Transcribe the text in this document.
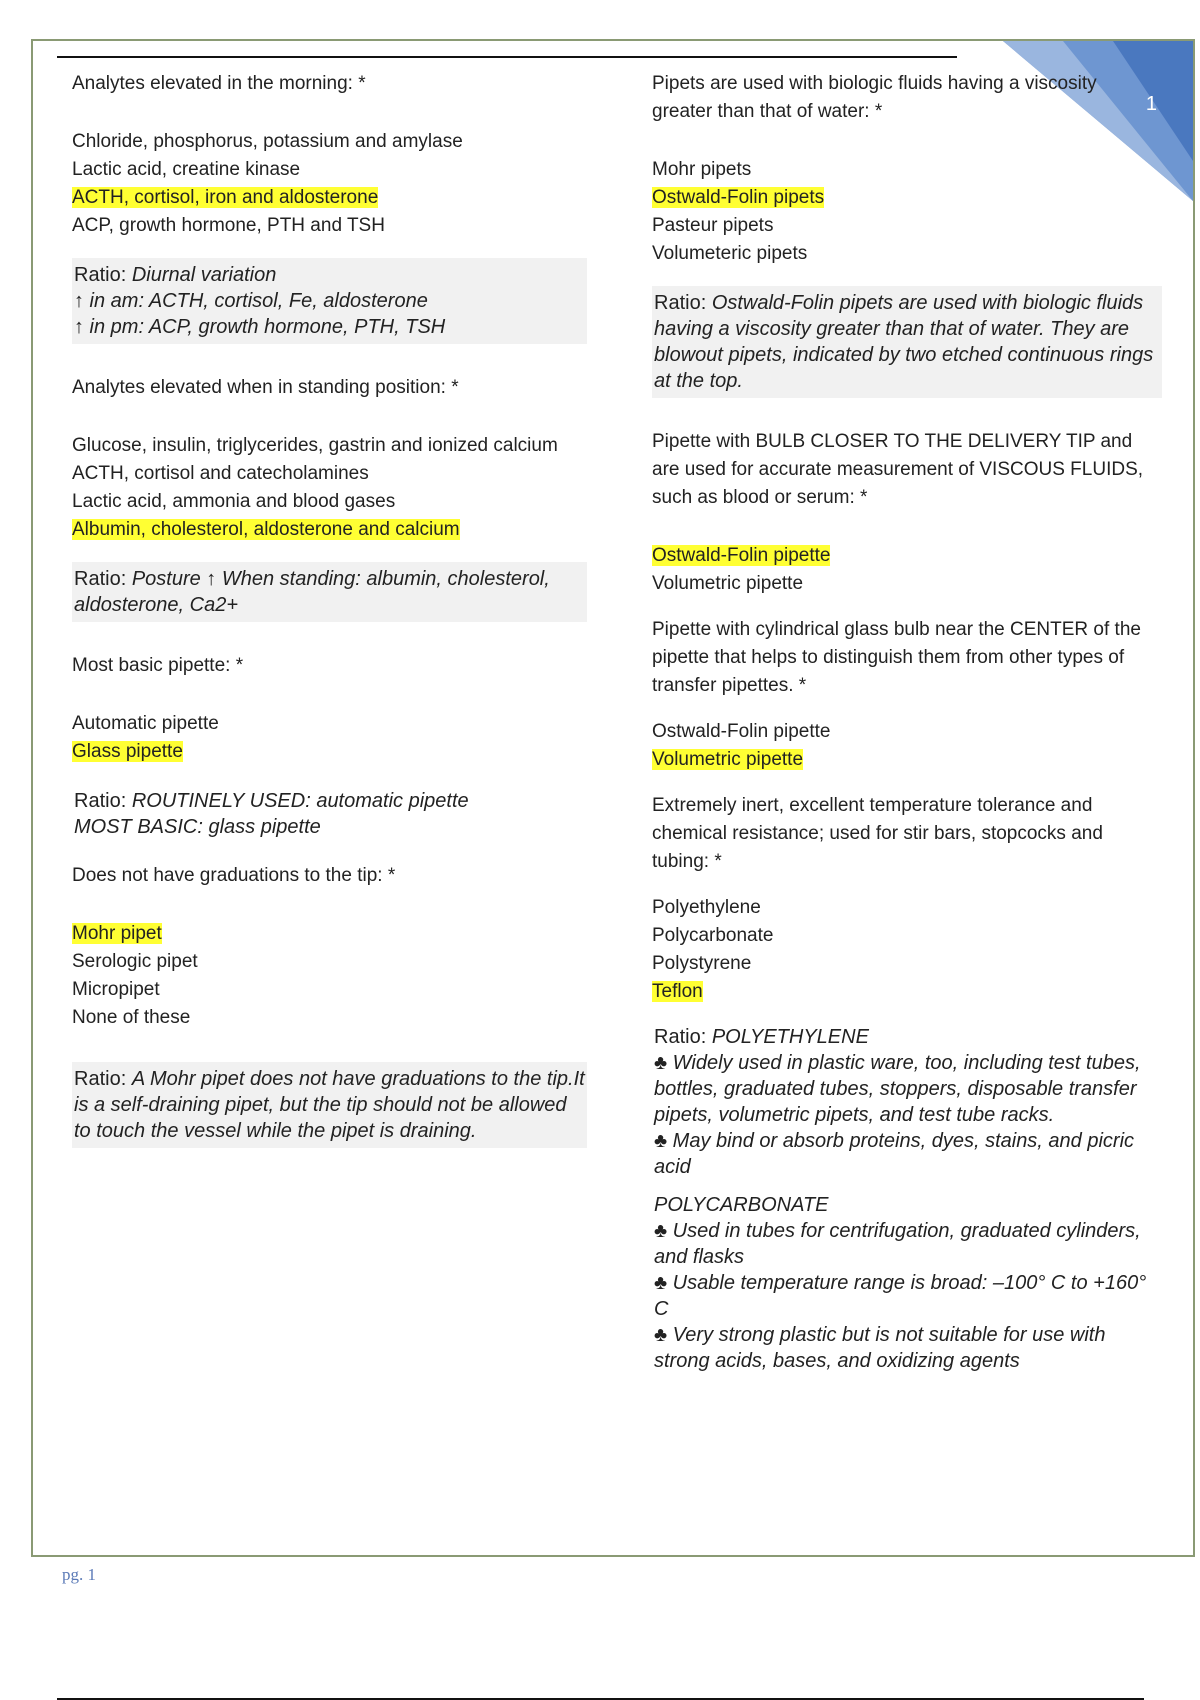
1

Analytes elevated in the morning: *

Chloride, phosphorus, potassium and amylase

Lactic acid, creatine kinase

ACTH, cortisol, iron and aldosterone

ACP, growth hormone, PTH and TSH

Ratio: Diurnal variation
↑ in am: ACTH, cortisol, Fe, aldosterone
↑ in pm: ACP, growth hormone, PTH, TSH

Analytes elevated when in standing position: *

Glucose, insulin, triglycerides, gastrin and ionized calcium

ACTH, cortisol and catecholamines

Lactic acid, ammonia and blood gases

Albumin, cholesterol, aldosterone and calcium

Ratio: Posture ↑ When standing: albumin, cholesterol, aldosterone, Ca2+

Most basic pipette: *

Automatic pipette

Glass pipette

Ratio: ROUTINELY USED: automatic pipette
MOST BASIC: glass pipette

Does not have graduations to the tip: *

Mohr pipet

Serologic pipet

Micropipet

None of these

Ratio: A Mohr pipet does not have graduations to the tip.It is a self-draining pipet, but the tip should not be allowed to touch the vessel while the pipet is draining.

Pipets are used with biologic fluids having a viscosity greater than that of water: *

Mohr pipets

Ostwald-Folin pipets

Pasteur pipets

Volumeteric pipets

Ratio: Ostwald-Folin pipets are used with biologic fluids having a viscosity greater than that of water. They are blowout pipets, indicated by two etched continuous rings at the top.

Pipette with BULB CLOSER TO THE DELIVERY TIP and are used for accurate measurement of VISCOUS FLUIDS, such as blood or serum: *

Ostwald-Folin pipette

Volumetric pipette

Pipette with cylindrical glass bulb near the CENTER of the pipette that helps to distinguish them from other types of transfer pipettes. *

Ostwald-Folin pipette

Volumetric pipette

Extremely inert, excellent temperature tolerance and chemical resistance; used for stir bars, stopcocks and tubing: *

Polyethylene

Polycarbonate

Polystyrene

Teflon

Ratio: POLYETHYLENE
♣ Widely used in plastic ware, too, including test tubes, bottles, graduated tubes, stoppers, disposable transfer pipets, volumetric pipets, and test tube racks.
♣ May bind or absorb proteins, dyes, stains, and picric acid
POLYCARBONATE
♣ Used in tubes for centrifugation, graduated cylinders, and flasks
♣ Usable temperature range is broad: –100° C to +160° C
♣ Very strong plastic but is not suitable for use with strong acids, bases, and oxidizing agents
pg. 1
